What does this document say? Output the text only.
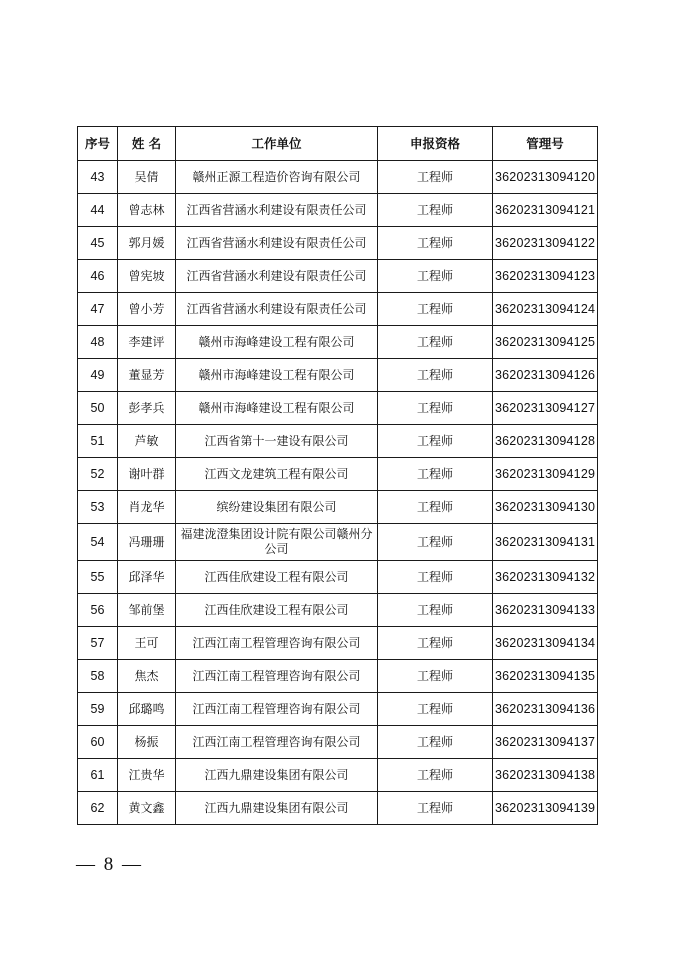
序号	姓 名	工作单位	申报资格	管理号
43	吴倩	赣州正源工程造价咨询有限公司	工程师	36202313094120
44	曾志林	江西省营涵水利建设有限责任公司	工程师	36202313094121
45	郭月媛	江西省营涵水利建设有限责任公司	工程师	36202313094122
46	曾宪坡	江西省营涵水利建设有限责任公司	工程师	36202313094123
47	曾小芳	江西省营涵水利建设有限责任公司	工程师	36202313094124
48	李建评	赣州市海峰建设工程有限公司	工程师	36202313094125
49	董显芳	赣州市海峰建设工程有限公司	工程师	36202313094126
50	彭孝兵	赣州市海峰建设工程有限公司	工程师	36202313094127
51	芦敏	江西省第十一建设有限公司	工程师	36202313094128
52	谢叶群	江西文龙建筑工程有限公司	工程师	36202313094129
53	肖龙华	缤纷建设集团有限公司	工程师	36202313094130
54	冯珊珊	福建泷澄集团设计院有限公司赣州分公司	工程师	36202313094131
55	邱泽华	江西佳欣建设工程有限公司	工程师	36202313094132
56	邹前堡	江西佳欣建设工程有限公司	工程师	36202313094133
57	王可	江西江南工程管理咨询有限公司	工程师	36202313094134
58	焦杰	江西江南工程管理咨询有限公司	工程师	36202313094135
59	邱璐鸣	江西江南工程管理咨询有限公司	工程师	36202313094136
60	杨振	江西江南工程管理咨询有限公司	工程师	36202313094137
61	江贵华	江西九鼎建设集团有限公司	工程师	36202313094138
62	黄文鑫	江西九鼎建设集团有限公司	工程师	36202313094139
— 8 —
